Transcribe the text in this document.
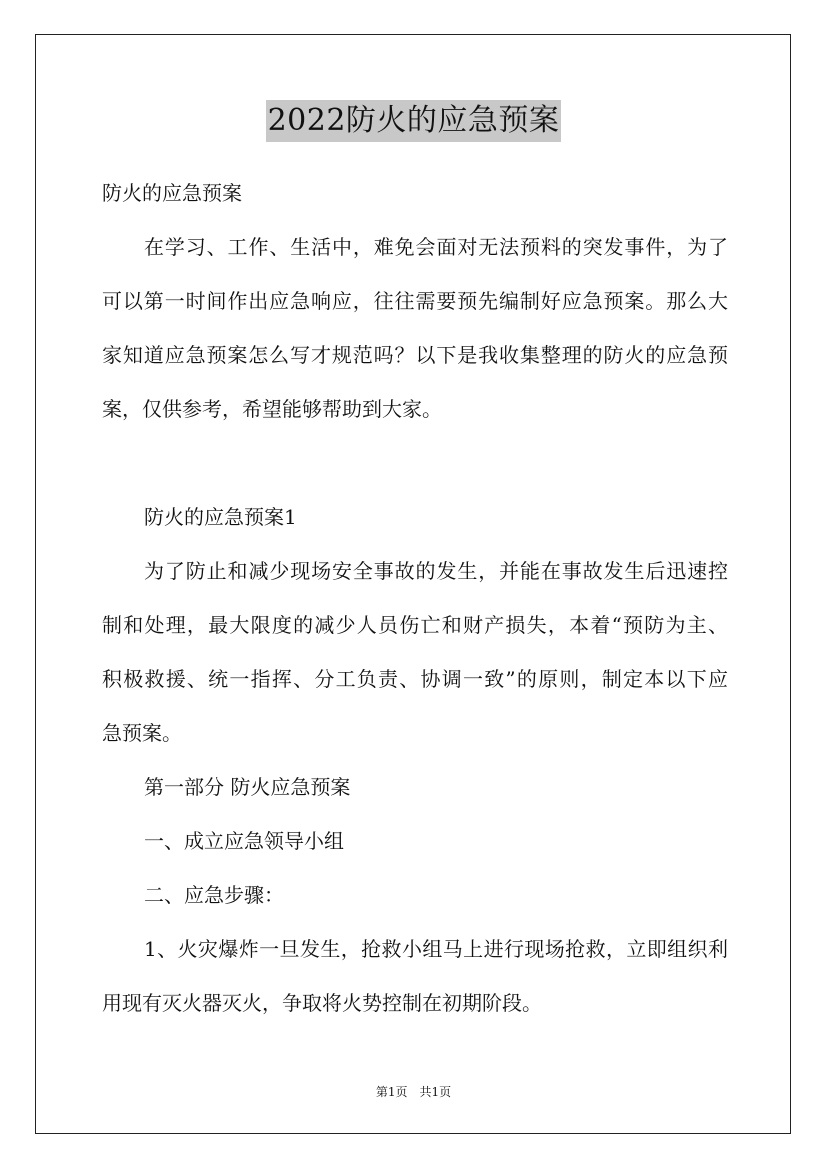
2022防火的应急预案
防火的应急预案
在学习、工作、生活中，难免会面对无法预料的突发事件，为了
可以第一时间作出应急响应，往往需要预先编制好应急预案。那么大
家知道应急预案怎么写才规范吗？以下是我收集整理的防火的应急预
案，仅供参考，希望能够帮助到大家。
防火的应急预案1
为了防止和减少现场安全事故的发生，并能在事故发生后迅速控
制和处理，最大限度的减少人员伤亡和财产损失，本着“预防为主、
积极救援、统一指挥、分工负责、协调一致”的原则，制定本以下应
急预案。
第一部分 防火应急预案
一、成立应急领导小组
二、应急步骤：
1、火灾爆炸一旦发生，抢救小组马上进行现场抢救，立即组织利
用现有灭火器灭火，争取将火势控制在初期阶段。
第1页　共1页
